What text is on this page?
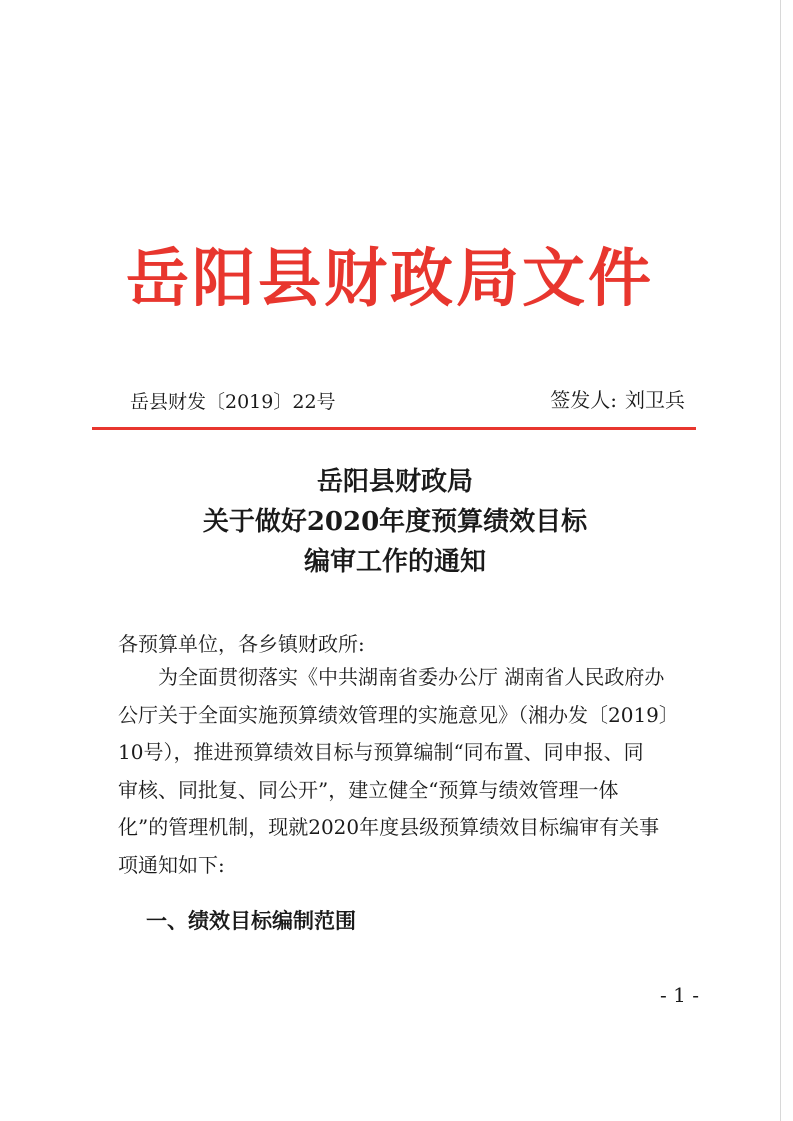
岳阳县财政局文件
岳县财发〔2019〕22号	签发人: 刘卫兵
岳阳县财政局
关于做好2020年度预算绩效目标
编审工作的通知
各预算单位，各乡镇财政所:
　　为全面贯彻落实《中共湖南省委办公厅 湖南省人民政府办
公厅关于全面实施预算绩效管理的实施意见》（湘办发〔2019〕
10号），推进预算绩效目标与预算编制“同布置、同申报、同
审核、同批复、同公开”，建立健全“预算与绩效管理一体
化”的管理机制，现就2020年度县级预算绩效目标编审有关事
项通知如下:
一、绩效目标编制范围
- 1 -
